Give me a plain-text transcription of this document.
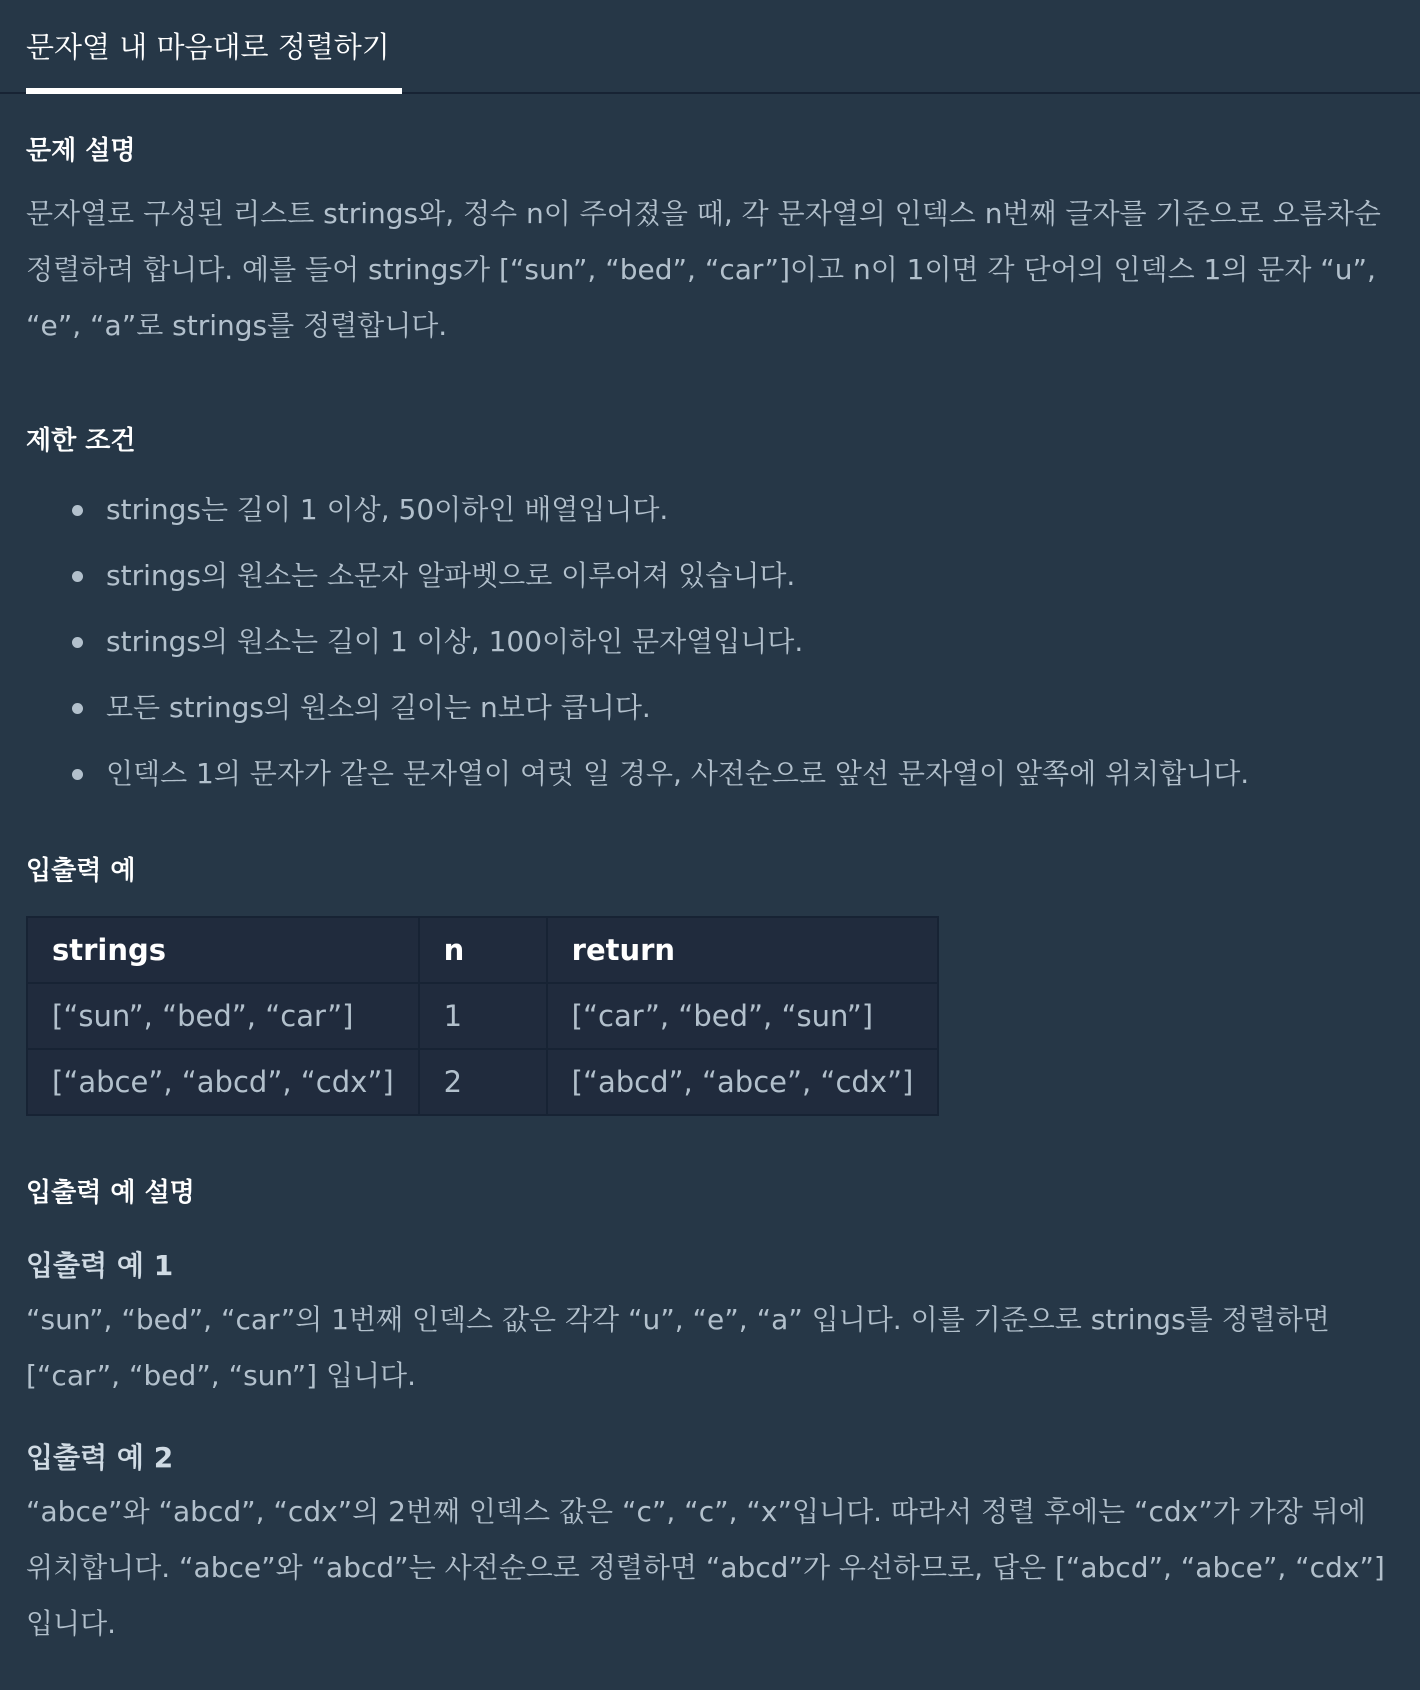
문자열 내 마음대로 정렬하기
문제 설명

문자열로 구성된 리스트 strings와, 정수 n이 주어졌을 때, 각 문자열의 인덱스 n번째 글자를 기준으로 오름차순 정렬하려 합니다. 예를 들어 strings가 [“sun”, “bed”, “car”]이고 n이 1이면 각 단어의 인덱스 1의 문자 “u”, “e”, “a”로 strings를 정렬합니다.

제한 조건
strings는 길이 1 이상, 50이하인 배열입니다.
strings의 원소는 소문자 알파벳으로 이루어져 있습니다.
strings의 원소는 길이 1 이상, 100이하인 문자열입니다.
모든 strings의 원소의 길이는 n보다 큽니다.
인덱스 1의 문자가 같은 문자열이 여럿 일 경우, 사전순으로 앞선 문자열이 앞쪽에 위치합니다.
입출력 예
strings	n	return
[“sun”, “bed”, “car”]	1	[“car”, “bed”, “sun”]
[“abce”, “abcd”, “cdx”]	2	[“abcd”, “abce”, “cdx”]
입출력 예 설명
입출력 예 1

“sun”, “bed”, “car”의 1번째 인덱스 값은 각각 “u”, “e”, “a” 입니다. 이를 기준으로 strings를 정렬하면 [“car”, “bed”, “sun”] 입니다.

입출력 예 2

“abce”와 “abcd”, “cdx”의 2번째 인덱스 값은 “c”, “c”, “x”입니다. 따라서 정렬 후에는 “cdx”가 가장 뒤에 위치합니다. “abce”와 “abcd”는 사전순으로 정렬하면 “abcd”가 우선하므로, 답은 [“abcd”, “abce”, “cdx”] 입니다.
